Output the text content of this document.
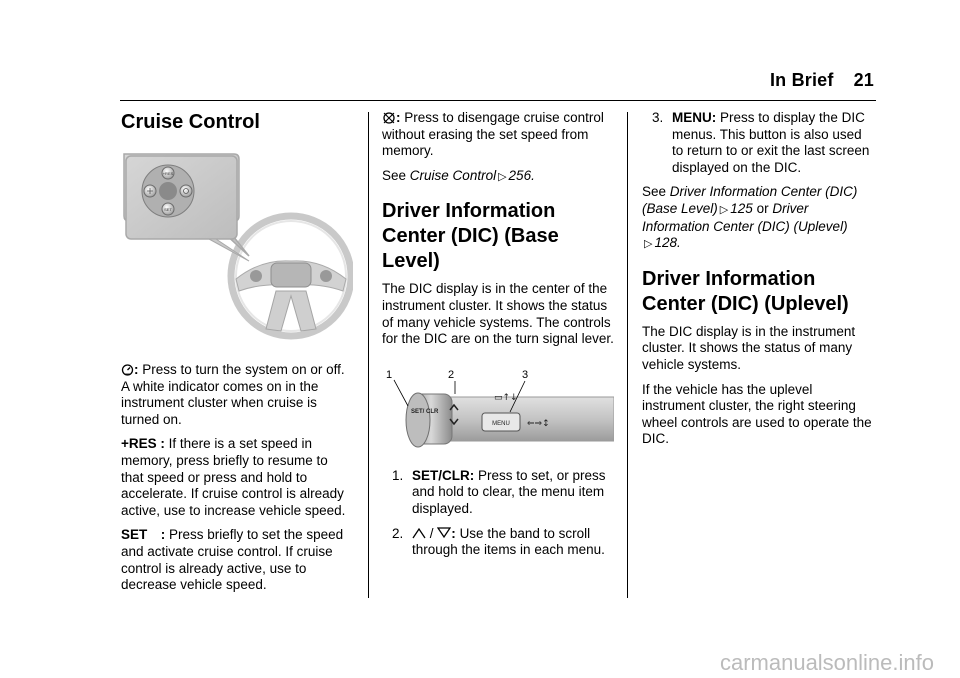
In Brief 21
Cruise Control
+RES
SET

: Press to turn the system on or off. A white indicator comes on in the instrument cluster when cruise is turned on.

+RES : If there is a set speed in memory, press briefly to resume to that speed or press and hold to accelerate. If cruise control is already active, use to increase vehicle speed.

SET : Press briefly to set the speed and activate cruise control. If cruise control is already active, use to decrease vehicle speed.

: Press to disengage cruise control without erasing the set speed from memory.

See Cruise Control ▷ 256.

Driver Information Center (DIC) (Base Level)

The DIC display is in the center of the instrument cluster. It shows the status of many vehicle systems. The controls for the DIC are on the turn signal lever.

SET/ CLR
MENU
▭↑↓
⇐⇒↕
1	2	3
1. SET/CLR: Press to set, or press and hold to clear, the menu item displayed.
2. / : Use the band to scroll through the items in each menu.
3. MENU: Press to display the DIC menus. This button is also used to return to or exit the last screen displayed on the DIC.

See Driver Information Center (DIC) (Base Level) ▷ 125 or Driver Information Center (DIC) (Uplevel) ▷ 128.

Driver Information Center (DIC) (Uplevel)

The DIC display is in the instrument cluster. It shows the status of many vehicle systems.

If the vehicle has the uplevel instrument cluster, the right steering wheel controls are used to operate the DIC.

carmanualsonline.info
